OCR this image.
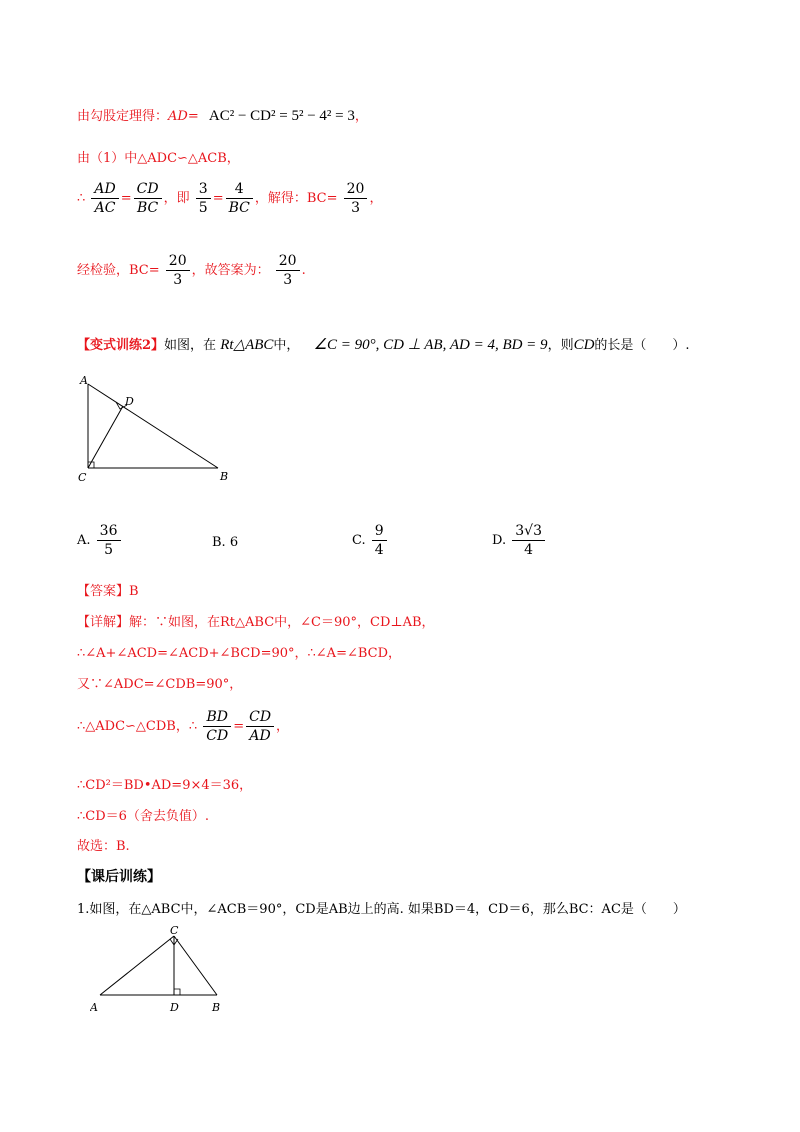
由勾股定理得：AD= AC² − CD² = 5² − 4² = 3，
由（1）中△ADC∽△ACB，
∴ $\frac{AD}{AC} = \frac{CD}{BC}$ ，即 $\frac{3}{5} = \frac{4}{BC}$ ，解得：$BC= \frac{20}{3}$ ，
经检验，$BC= \frac{20}{3}$ ，故答案为： $\frac{20}{3}$ .
【变式训练2】如图，在 Rt△ABC中， ∠C = 90°, CD ⊥ AB, AD = 4, BD = 9，则CD的长是（　　）.
A
D
C	B
A. $\frac{36}{5}$	B. 6	C. $\frac{9}{4}$	D. $\frac{3√3}{4}$
【答案】B
【详解】解：∵如图，在Rt△ABC中，∠C＝90°，CD⊥AB，
∴∠A+∠ACD=∠ACD+∠BCD=90°，∴∠A=∠BCD，
又∵∠ADC=∠CDB=90°，
∴△ADC∽△CDB，∴ $\frac{BD}{CD} = \frac{CD}{AD}$ ，
∴CD²＝BD•AD=9×4＝36，
∴CD＝6（舍去负值）.
故选：B.
【课后训练】
1.如图，在△ABC中，∠ACB＝90°，CD是AB边上的高. 如果BD＝4，CD＝6，那么BC：AC是（　　）
C
A	D	B
